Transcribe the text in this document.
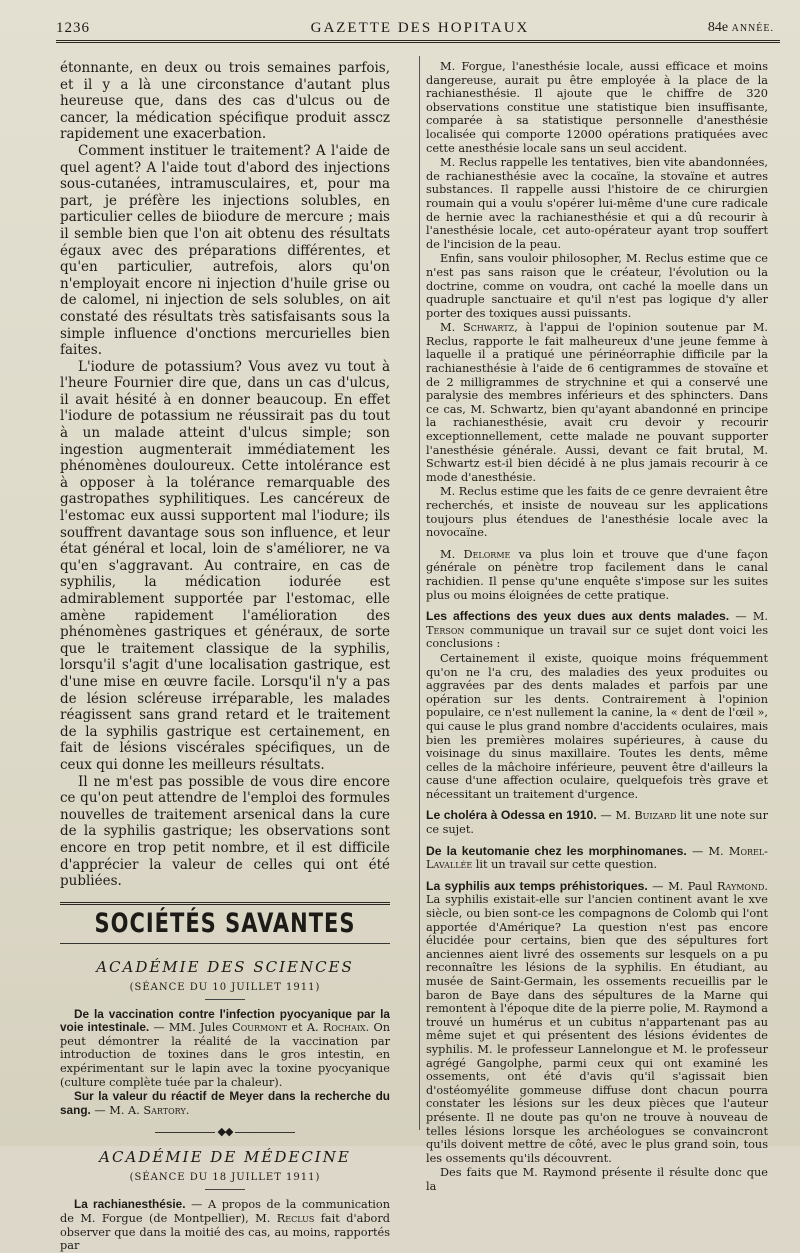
1236	GAZETTE DES HOPITAUX	84e ANNÉE.

étonnante, en deux ou trois semaines parfois, et il y a là une circonstance d'autant plus heureuse que, dans des cas d'ulcus ou de cancer, la médication spécifique produit asscz rapidement une exacerbation.

Comment instituer le traitement? A l'aide de quel agent? A l'aide tout d'abord des injections sous-cutanées, intramusculaires, et, pour ma part, je préfère les injections solubles, en particulier celles de biiodure de mercure ; mais il semble bien que l'on ait obtenu des résultats égaux avec des préparations différentes, et qu'en particulier, autrefois, alors qu'on n'employait encore ni injection d'huile grise ou de calomel, ni injection de sels solubles, on ait constaté des résultats très satisfaisants sous la simple influence d'onctions mercurielles bien faites.

L'iodure de potassium? Vous avez vu tout à l'heure Fournier dire que, dans un cas d'ulcus, il avait hésité à en donner beaucoup. En effet l'iodure de potassium ne réussirait pas du tout à un malade atteint d'ulcus simple; son ingestion augmenterait immédiatement les phénomènes douloureux. Cette intolérance est à opposer à la tolérance remarquable des gastropathes syphilitiques. Les cancéreux de l'estomac eux aussi supportent mal l'iodure; ils souffrent davantage sous son influence, et leur état général et local, loin de s'améliorer, ne va qu'en s'aggravant. Au contraire, en cas de syphilis, la médication iodurée est admirablement supportée par l'estomac, elle amène rapidement l'amélioration des phénomènes gastriques et généraux, de sorte que le traitement classique de la syphilis, lorsqu'il s'agit d'une localisation gastrique, est d'une mise en œuvre facile. Lorsqu'il n'y a pas de lésion scléreuse irréparable, les malades réagissent sans grand retard et le traitement de la syphilis gastrique est certainement, en fait de lésions viscérales spécifiques, un de ceux qui donne les meilleurs résultats.

Il ne m'est pas possible de vous dire encore ce qu'on peut attendre de l'emploi des formules nouvelles de traitement arsenical dans la cure de la syphilis gastrique; les observations sont encore en trop petit nombre, et il est difficile d'apprécier la valeur de celles qui ont été publiées.

SOCIÉTÉS SAVANTES
ACADÉMIE DES SCIENCES
(SÉANCE DU 10 JUILLET 1911)

De la vaccination contre l'infection pyocyanique par la voie intestinale. — MM. Jules Courmont et A. Rochaix. On peut démontrer la réalité de la vaccination par introduction de toxines dans le gros intestin, en expérimentant sur le lapin avec la toxine pyocyanique (culture complète tuée par la chaleur).

Sur la valeur du réactif de Meyer dans la recherche du sang. — M. A. Sartory.

◆◆
ACADÉMIE DE MÉDECINE
(SÉANCE DU 18 JUILLET 1911)

La rachianesthésie. — A propos de la communication de M. Forgue (de Montpellier), M. Reclus fait d'abord observer que dans la moitié des cas, au moins, rapportés par

M. Forgue, l'anesthésie locale, aussi efficace et moins dangereuse, aurait pu être employée à la place de la rachianesthésie. Il ajoute que le chiffre de 320 observations constitue une statistique bien insuffisante, comparée à sa statistique personnelle d'anesthésie localisée qui comporte 12000 opérations pratiquées avec cette anesthésie locale sans un seul accident.

M. Reclus rappelle les tentatives, bien vite abandonnées, de rachianesthésie avec la cocaïne, la stovaïne et autres substances. Il rappelle aussi l'histoire de ce chirurgien roumain qui a voulu s'opérer lui-même d'une cure radicale de hernie avec la rachianesthésie et qui a dû recourir à l'anesthésie locale, cet auto-opérateur ayant trop souffert de l'incision de la peau.

Enfin, sans vouloir philosopher, M. Reclus estime que ce n'est pas sans raison que le créateur, l'évolution ou la doctrine, comme on voudra, ont caché la moelle dans un quadruple sanctuaire et qu'il n'est pas logique d'y aller porter des toxiques aussi puissants.

M. Schwartz, à l'appui de l'opinion soutenue par M. Reclus, rapporte le fait malheureux d'une jeune femme à laquelle il a pratiqué une périnéorraphie difficile par la rachianesthésie à l'aide de 6 centigrammes de stovaïne et de 2 milligrammes de strychnine et qui a conservé une paralysie des membres inférieurs et des sphincters. Dans ce cas, M. Schwartz, bien qu'ayant abandonné en principe la rachianesthésie, avait cru devoir y recourir exceptionnellement, cette malade ne pouvant supporter l'anesthésie générale. Aussi, devant ce fait brutal, M. Schwartz est-il bien décidé à ne plus jamais recourir à ce mode d'anesthésie.

M. Reclus estime que les faits de ce genre devraient être recherchés, et insiste de nouveau sur les applications toujours plus étendues de l'anesthésie locale avec la novocaïne.

M. Delorme va plus loin et trouve que d'une façon générale on pénètre trop facilement dans le canal rachidien. Il pense qu'une enquête s'impose sur les suites plus ou moins éloignées de cette pratique.

Les affections des yeux dues aux dents malades. — M. Terson communique un travail sur ce sujet dont voici les conclusions :

Certainement il existe, quoique moins fréquemment qu'on ne l'a cru, des maladies des yeux produites ou aggravées par des dents malades et parfois par une opération sur les dents. Contrairement à l'opinion populaire, ce n'est nullement la canine, la « dent de l'œil », qui cause le plus grand nombre d'accidents oculaires, mais bien les premières molaires supérieures, à cause du voisinage du sinus maxillaire. Toutes les dents, même celles de la mâchoire inférieure, peuvent être d'ailleurs la cause d'une affection oculaire, quelquefois très grave et nécessitant un traitement d'urgence.

Le choléra à Odessa en 1910. — M. Buizard lit une note sur ce sujet.

De la keutomanie chez les morphinomanes. — M. Morel-Lavallée lit un travail sur cette question.

La syphilis aux temps préhistoriques. — M. Paul Raymond. La syphilis existait-elle sur l'ancien continent avant le xve siècle, ou bien sont-ce les compagnons de Colomb qui l'ont apportée d'Amérique? La question n'est pas encore élucidée pour certains, bien que des sépultures fort anciennes aient livré des ossements sur lesquels on a pu reconnaître les lésions de la syphilis. En étudiant, au musée de Saint-Germain, les ossements recueillis par le baron de Baye dans des sépultures de la Marne qui remontent à l'époque dite de la pierre polie, M. Raymond a trouvé un humérus et un cubitus n'appartenant pas au même sujet et qui présentent des lésions évidentes de syphilis. M. le professeur Lannelongue et M. le professeur agrégé Gangolphe, parmi ceux qui ont examiné les ossements, ont été d'avis qu'il s'agissait bien d'ostéomyélite gommeuse diffuse dont chacun pourra constater les lésions sur les deux pièces que l'auteur présente. Il ne doute pas qu'on ne trouve à nouveau de telles lésions lorsque les archéologues se convaincront qu'ils doivent mettre de côté, avec le plus grand soin, tous les ossements qu'ils découvrent.

Des faits que M. Raymond présente il résulte donc que la
